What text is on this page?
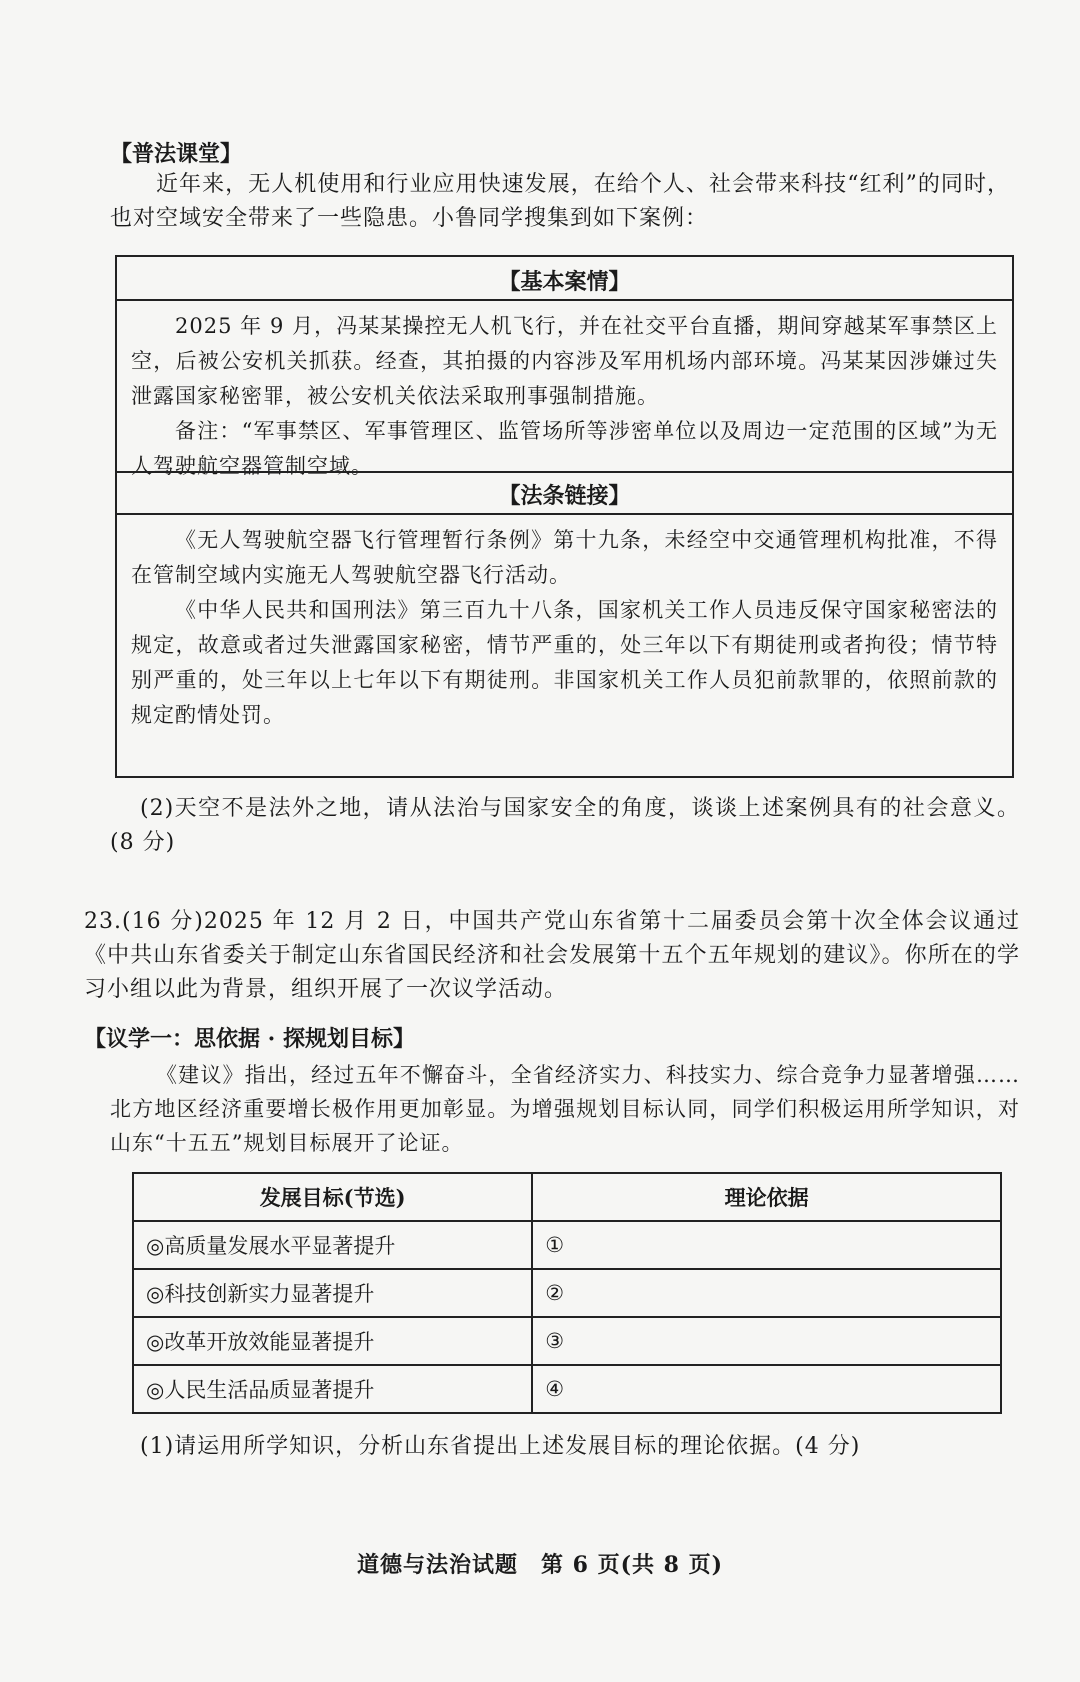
【普法课堂】
近年来，无人机使用和行业应用快速发展，在给个人、社会带来科技“红利”的同时，也对空域安全带来了一些隐患。小鲁同学搜集到如下案例：
【基本案情】
2025 年 9 月，冯某某操控无人机飞行，并在社交平台直播，期间穿越某军事禁区上空，后被公安机关抓获。经查，其拍摄的内容涉及军用机场内部环境。冯某某因涉嫌过失泄露国家秘密罪，被公安机关依法采取刑事强制措施。
备注：“军事禁区、军事管理区、监管场所等涉密单位以及周边一定范围的区域”为无人驾驶航空器管制空域。
【法条链接】
《无人驾驶航空器飞行管理暂行条例》第十九条，未经空中交通管理机构批准，不得在管制空域内实施无人驾驶航空器飞行活动。
《中华人民共和国刑法》第三百九十八条，国家机关工作人员违反保守国家秘密法的规定，故意或者过失泄露国家秘密，情节严重的，处三年以下有期徒刑或者拘役；情节特别严重的，处三年以上七年以下有期徒刑。非国家机关工作人员犯前款罪的，依照前款的规定酌情处罚。
(2)天空不是法外之地，请从法治与国家安全的角度，谈谈上述案例具有的社会意义。(8 分)
23.(16 分)2025 年 12 月 2 日，中国共产党山东省第十二届委员会第十次全体会议通过《中共山东省委关于制定山东省国民经济和社会发展第十五个五年规划的建议》。你所在的学习小组以此为背景，组织开展了一次议学活动。
【议学一：思依据 · 探规划目标】
《建议》指出，经过五年不懈奋斗，全省经济实力、科技实力、综合竞争力显著增强……北方地区经济重要增长极作用更加彰显。为增强规划目标认同，同学们积极运用所学知识，对山东“十五五”规划目标展开了论证。
发展目标(节选)	理论依据
◎高质量发展水平显著提升	①
◎科技创新实力显著提升	②
◎改革开放效能显著提升	③
◎人民生活品质显著提升	④
(1)请运用所学知识，分析山东省提出上述发展目标的理论依据。(4 分)
道德与法治试题　第 6 页(共 8 页)
